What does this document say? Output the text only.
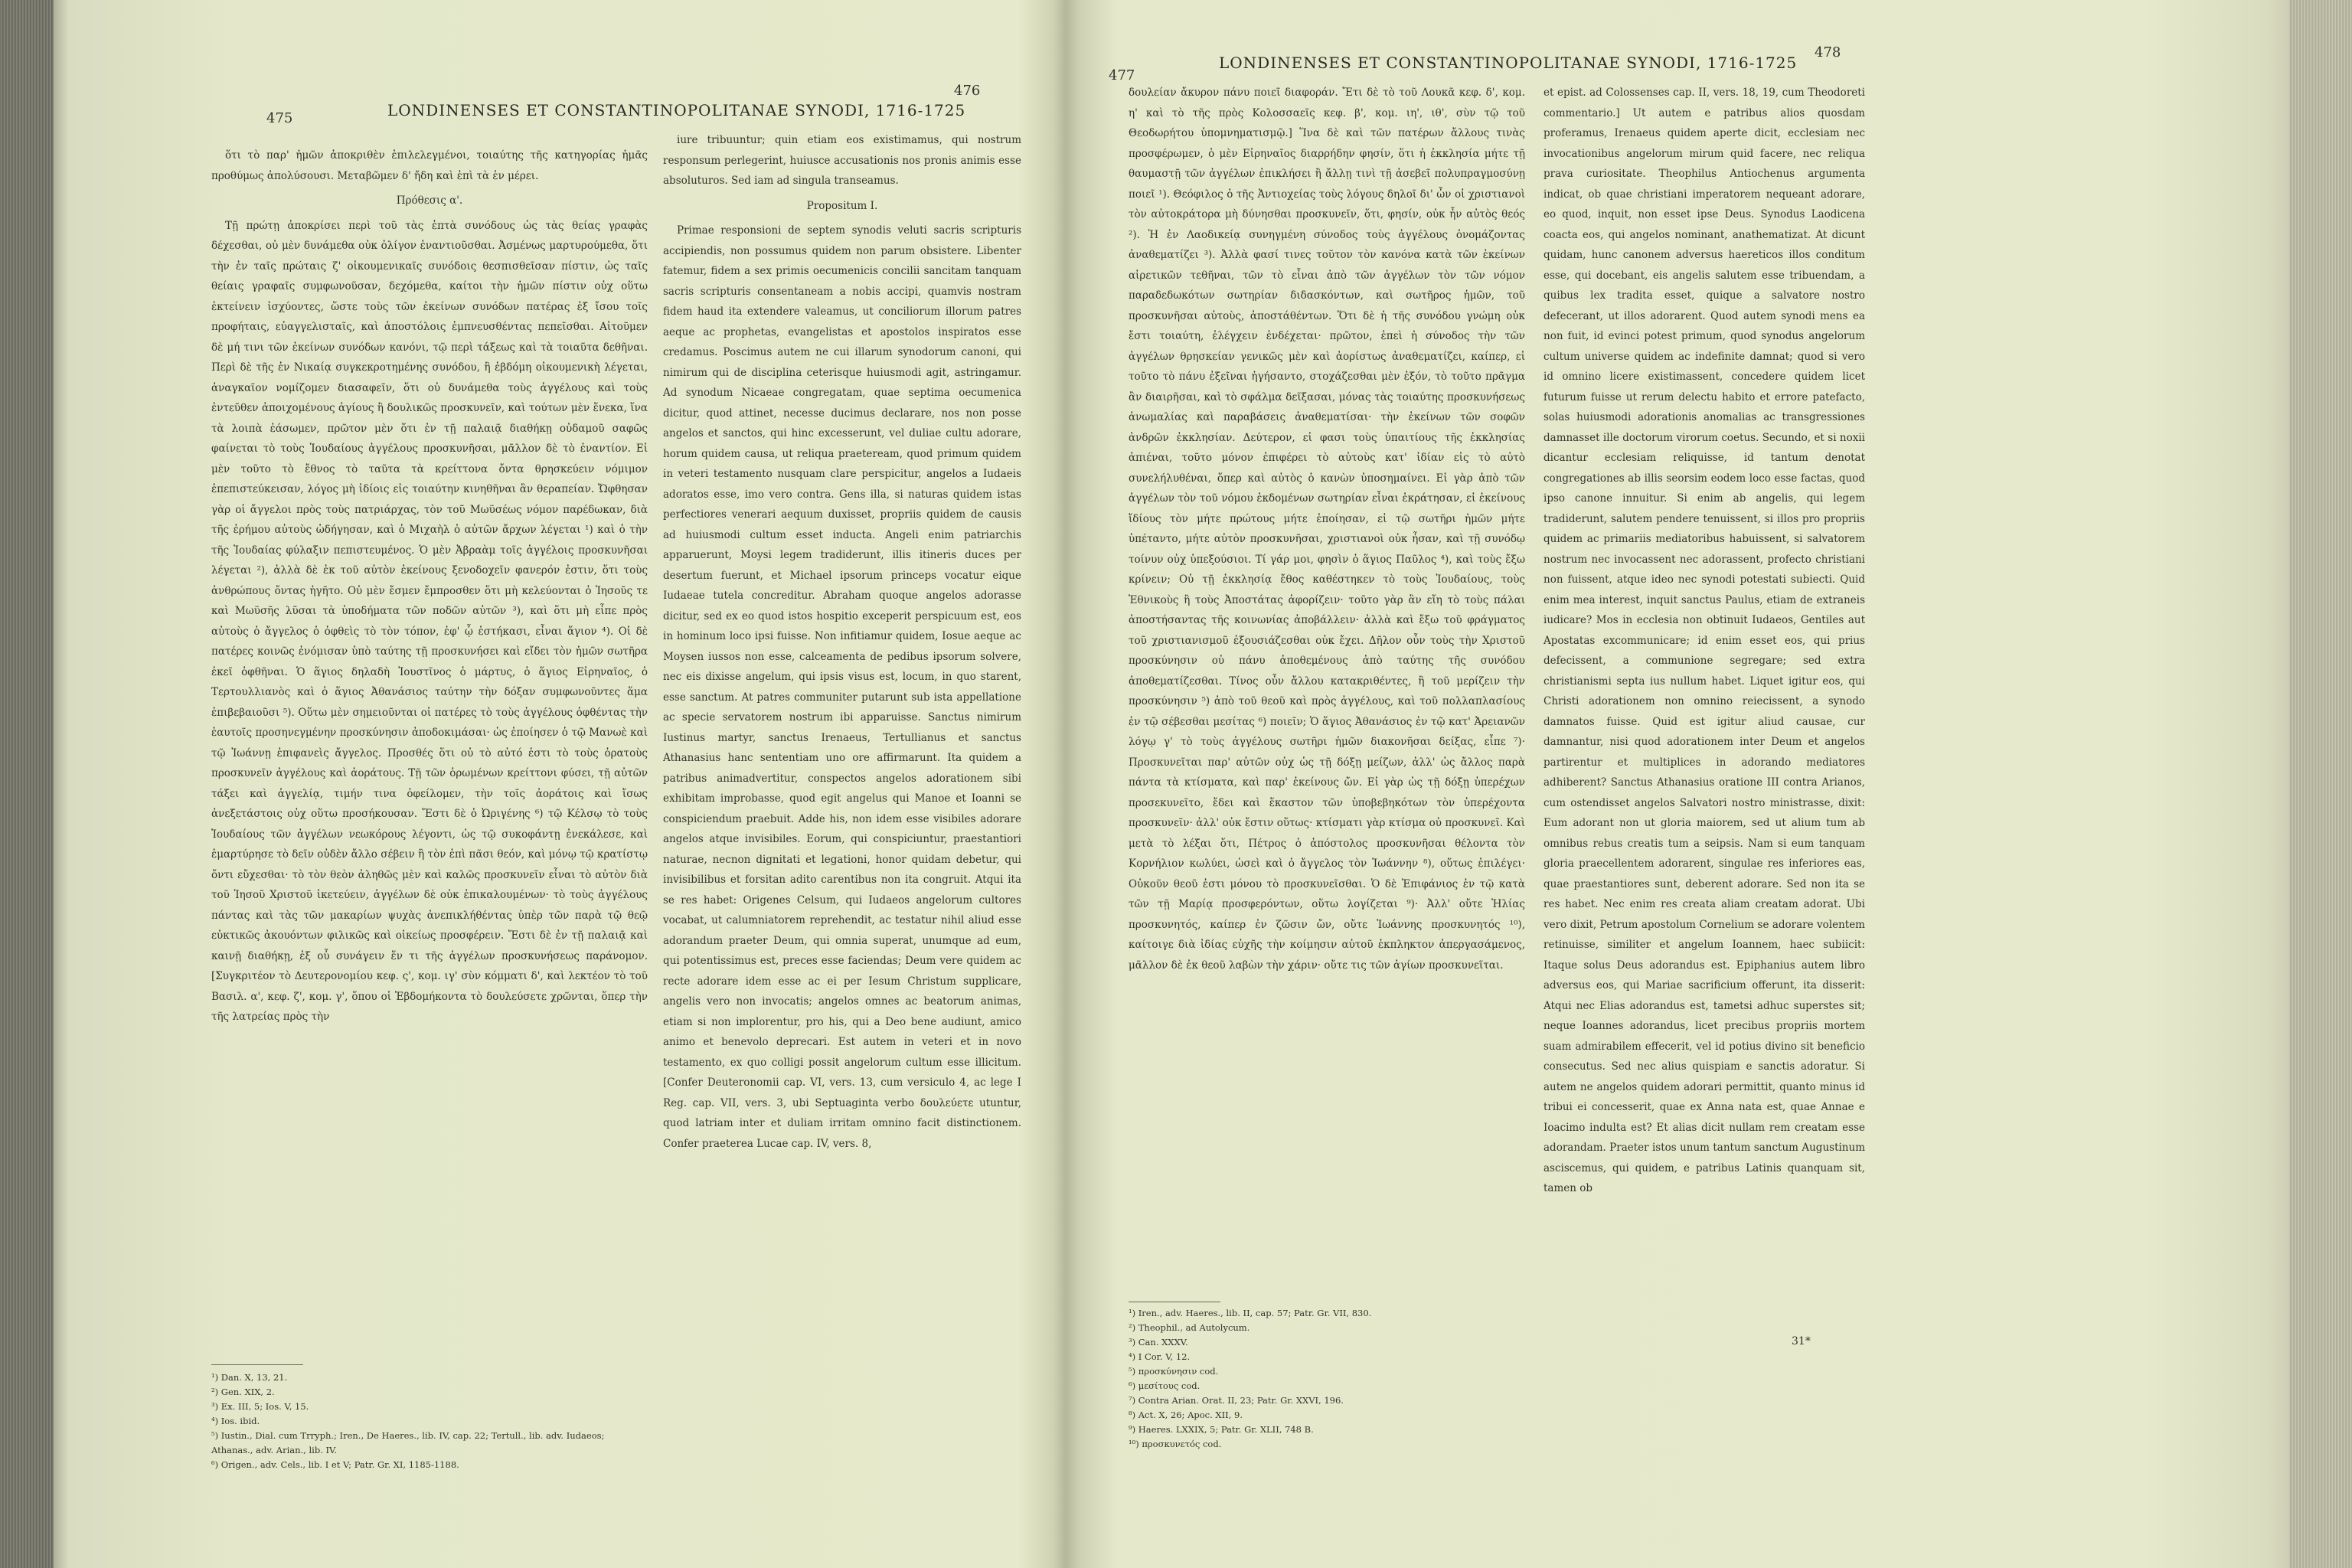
475	LONDINENSES ET CONSTANTINOPOLITANAE SYNODI, 1716-1725
476

ὅτι τὸ παρ' ἡμῶν ἀποκριθὲν ἐπιλελεγμένοι, τοιαύτης τῆς κατηγορίας ἡμᾶς προθύμως ἀπολύσουσι. Μεταβῶμεν δ' ἤδη καὶ ἐπὶ τὰ ἐν μέρει.

Πρόθεσις α'.

Τῇ πρώτῃ ἀποκρίσει περὶ τοῦ τὰς ἑπτὰ συνόδους ὡς τὰς θείας γραφὰς δέχεσθαι, οὐ μὲν δυνάμεθα οὐκ ὀλίγον ἐναντιοῦσθαι. Ἀσμένως μαρτυρούμεθα, ὅτι τὴν ἐν ταῖς πρώταις ζ' οἰκουμενικαῖς συνόδοις θεσπισθεῖσαν πίστιν, ὡς ταῖς θείαις γραφαῖς συμφωνοῦσαν, δεχόμεθα, καίτοι τὴν ἡμῶν πίστιν οὐχ οὕτω ἐκτείνειν ἰσχύοντες, ὥστε τοὺς τῶν ἐκείνων συνόδων πατέρας ἐξ ἴσου τοῖς προφήταις, εὐαγγελισταῖς, καὶ ἀποστόλοις ἐμπνευσθέντας πεπεῖσθαι. Αἰτοῦμεν δὲ μή τινι τῶν ἐκείνων συνόδων κανόνι, τῷ περὶ τάξεως καὶ τὰ τοιαῦτα δεθῆναι. Περὶ δὲ τῆς ἐν Νικαίᾳ συγκεκροτημένης συνόδου, ἣ ἑβδόμη οἰκουμενικὴ λέγεται, ἀναγκαῖον νομίζομεν διασαφεῖν, ὅτι οὐ δυνάμεθα τοὺς ἀγγέλους καὶ τοὺς ἐντεῦθεν ἀποιχομένους ἁγίους ἢ δουλικῶς προσκυνεῖν, καὶ τούτων μὲν ἕνεκα, ἵνα τὰ λοιπὰ ἐάσωμεν, πρῶτον μὲν ὅτι ἐν τῇ παλαιᾷ διαθήκῃ οὐδαμοῦ σαφῶς φαίνεται τὸ τοὺς Ἰουδαίους ἀγγέλους προσκυνῆσαι, μᾶλλον δὲ τὸ ἐναντίον. Εἰ μὲν τοῦτο τὸ ἔθνος τὸ ταῦτα τὰ κρείττονα ὄντα θρησκεύειν νόμιμον ἐπεπιστεύκεισαν, λόγος μὴ ἰδίοις εἰς τοιαύτην κινηθῆναι ἂν θεραπείαν. Ὤφθησαν γὰρ οἱ ἄγγελοι πρὸς τοὺς πατριάρχας, τὸν τοῦ Μωϋσέως νόμον παρέδωκαν, διὰ τῆς ἐρήμου αὐτοὺς ὡδήγησαν, καὶ ὁ Μιχαὴλ ὁ αὐτῶν ἄρχων λέγεται ¹) καὶ ὁ τὴν τῆς Ἰουδαίας φύλαξιν πεπιστευμένος. Ὁ μὲν Ἀβραὰμ τοῖς ἀγγέλοις προσκυνῆσαι λέγεται ²), ἀλλὰ δὲ ἐκ τοῦ αὐτὸν ἐκείνους ξενοδοχεῖν φανερόν ἐστιν, ὅτι τοὺς ἀνθρώπους ὄντας ἡγῆτο. Οὐ μὲν ἔσμεν ἔμπροσθεν ὅτι μὴ κελεύονται ὁ Ἰησοῦς τε καὶ Μωϋσῆς λῦσαι τὰ ὑποδήματα τῶν ποδῶν αὐτῶν ³), καὶ ὅτι μὴ εἶπε πρὸς αὐτοὺς ὁ ἄγγελος ὁ ὀφθεὶς τὸ τὸν τόπον, ἐφ' ᾧ ἑστήκασι, εἶναι ἅγιον ⁴). Οἱ δὲ πατέρες κοινῶς ἐνόμισαν ὑπὸ ταύτης τῇ προσκυνήσει καὶ εἴδει τὸν ἡμῶν σωτῆρα ἐκεῖ ὀφθῆναι. Ὁ ἅγιος δηλαδὴ Ἰουστῖνος ὁ μάρτυς, ὁ ἅγιος Εἰρηναῖος, ὁ Τερτουλλιανὸς καὶ ὁ ἅγιος Ἀθανάσιος ταύτην τὴν δόξαν συμφωνοῦντες ἅμα ἐπιβεβαιοῦσι ⁵). Οὕτω μὲν σημειοῦνται οἱ πατέρες τὸ τοὺς ἀγγέλους ὀφθέντας τὴν ἑαυτοῖς προσηνεγμένην προσκύνησιν ἀποδοκιμάσαι· ὡς ἐποίησεν ὁ τῷ Μανωὲ καὶ τῷ Ἰωάννῃ ἐπιφανεὶς ἄγγελος. Προσθές ὅτι οὐ τὸ αὐτό ἐστι τὸ τοὺς ὁρατοὺς προσκυνεῖν ἀγγέλους καὶ ἀοράτους. Τῇ τῶν ὁρωμένων κρείττονι φύσει, τῇ αὐτῶν τάξει καὶ ἀγγελίᾳ, τιμήν τινα ὀφείλομεν, τὴν τοῖς ἀοράτοις καὶ ἴσως ἀνεξετάστοις οὐχ οὕτω προσήκουσαν. Ἔστι δὲ ὁ Ὠριγένης ⁶) τῷ Κέλσῳ τὸ τοὺς Ἰουδαίους τῶν ἀγγέλων νεωκόρους λέγοντι, ὡς τῷ συκοφάντῃ ἐνεκάλεσε, καὶ ἐμαρτύρησε τὸ δεῖν οὐδὲν ἄλλο σέβειν ἢ τὸν ἐπὶ πᾶσι θεόν, καὶ μόνῳ τῷ κρατίστῳ ὄντι εὔχεσθαι· τὸ τὸν θεὸν ἀληθῶς μὲν καὶ καλῶς προσκυνεῖν εἶναι τὸ αὐτὸν διὰ τοῦ Ἰησοῦ Χριστοῦ ἱκετεύειν, ἀγγέλων δὲ οὐκ ἐπικαλουμένων· τὸ τοὺς ἀγγέλους πάντας καὶ τὰς τῶν μακαρίων ψυχὰς ἀνεπικλήθέντας ὑπὲρ τῶν παρὰ τῷ θεῷ εὐκτικῶς ἀκουόντων φιλικῶς καὶ οἰκείως προσφέρειν. Ἔστι δὲ ἐν τῇ παλαιᾷ καὶ καινῇ διαθήκῃ, ἐξ οὗ συνάγειν ἕν τι τῆς ἀγγέλων προσκυνήσεως παράνομον. [Συγκριτέον τὸ Δευτερονομίου κεφ. ς', κομ. ιγ' σὺν κόμματι δ', καὶ λεκτέον τὸ τοῦ Βασιλ. α', κεφ. ζ', κομ. γ', ὅπου οἱ Ἑβδομήκοντα τὸ δουλεύσετε χρῶνται, ὅπερ τὴν τῆς λατρείας πρὸς τὴν

iure tribuuntur; quin etiam eos existimamus, qui nostrum responsum perlegerint, huiusce accusationis nos pronis animis esse absoluturos. Sed iam ad singula transeamus.

Propositum I.

Primae responsioni de septem synodis veluti sacris scripturis accipiendis, non possumus quidem non parum obsistere. Libenter fatemur, fidem a sex primis oecumenicis concilii sancitam tanquam sacris scripturis consentaneam a nobis accipi, quamvis nostram fidem haud ita extendere valeamus, ut conciliorum illorum patres aeque ac prophetas, evangelistas et apostolos inspiratos esse credamus. Poscimus autem ne cui illarum synodorum canoni, qui nimirum qui de disciplina ceterisque huiusmodi agit, astringamur. Ad synodum Nicaeae congregatam, quae septima oecumenica dicitur, quod attinet, necesse ducimus declarare, nos non posse angelos et sanctos, qui hinc excesserunt, vel duliae cultu adorare, horum quidem causa, ut reliqua praeteream, quod primum quidem in veteri testamento nusquam clare perspicitur, angelos a Iudaeis adoratos esse, imo vero contra. Gens illa, si naturas quidem istas perfectiores venerari aequum duxisset, propriis quidem de causis ad huiusmodi cultum esset inducta. Angeli enim patriarchis apparuerunt, Moysi legem tradiderunt, illis itineris duces per desertum fuerunt, et Michael ipsorum princeps vocatur eique Iudaeae tutela concreditur. Abraham quoque angelos adorasse dicitur, sed ex eo quod istos hospitio exceperit perspicuum est, eos in hominum loco ipsi fuisse. Non infitiamur quidem, Iosue aeque ac Moysen iussos non esse, calceamenta de pedibus ipsorum solvere, nec eis dixisse angelum, qui ipsis visus est, locum, in quo starent, esse sanctum. At patres communiter putarunt sub ista appellatione ac specie servatorem nostrum ibi apparuisse. Sanctus nimirum Iustinus martyr, sanctus Irenaeus, Tertullianus et sanctus Athanasius hanc sententiam uno ore affirmarunt. Ita quidem a patribus animadvertitur, conspectos angelos adorationem sibi exhibitam improbasse, quod egit angelus qui Manoe et Ioanni se conspiciendum praebuit. Adde his, non idem esse visibiles adorare angelos atque invisibiles. Eorum, qui conspiciuntur, praestantiori naturae, necnon dignitati et legationi, honor quidam debetur, qui invisibilibus et forsitan adito carentibus non ita congruit. Atqui ita se res habet: Origenes Celsum, qui Iudaeos angelorum cultores vocabat, ut calumniatorem reprehendit, ac testatur nihil aliud esse adorandum praeter Deum, qui omnia superat, unumque ad eum, qui potentissimus est, preces esse faciendas; Deum vere quidem ac recte adorare idem esse ac ei per Iesum Christum supplicare, angelis vero non invocatis; angelos omnes ac beatorum animas, etiam si non implorentur, pro his, qui a Deo bene audiunt, amico animo et benevolo deprecari. Est autem in veteri et in novo testamento, ex quo colligi possit angelorum cultum esse illicitum. [Confer Deuteronomii cap. VI, vers. 13, cum versiculo 4, ac lege I Reg. cap. VII, vers. 3, ubi Septuaginta verbo δουλεύετε utuntur, quod latriam inter et duliam irritam omnino facit distinctionem. Confer praeterea Lucae cap. IV, vers. 8,

¹) Dan. X, 13, 21.
²) Gen. XIX, 2.
³) Ex. III, 5; Ios. V, 15.
⁴) Ios. ibid.
⁵) Iustin., Dial. cum Trryph.; Iren., De Haeres., lib. IV, cap. 22; Tertull., lib. adv. Iudaeos; Athanas., adv. Arian., lib. IV.
⁶) Origen., adv. Cels., lib. I et V; Patr. Gr. XI, 1185-1188.
477
LONDINENSES ET CONSTANTINOPOLITANAE SYNODI, 1716-1725
478

δουλείαν ἄκυρον πάνυ ποιεῖ διαφοράν. Ἔτι δὲ τὸ τοῦ Λουκᾶ κεφ. δ', κομ. η' καὶ τὸ τῆς πρὸς Κολοσσαεῖς κεφ. β', κομ. ιη', ιθ', σὺν τῷ τοῦ Θεοδωρήτου ὑπομνηματισμῷ.] Ἵνα δὲ καὶ τῶν πατέρων ἄλλους τινὰς προσφέρωμεν, ὁ μὲν Εἰρηναῖος διαρρήδην φησίν, ὅτι ἡ ἐκκλησία μήτε τῇ θαυμαστῇ τῶν ἀγγέλων ἐπικλήσει ἢ ἄλλῃ τινὶ τῇ ἀσεβεῖ πολυπραγμοσύνῃ ποιεῖ ¹). Θεόφιλος ὁ τῆς Ἀντιοχείας τοὺς λόγους δηλοῖ δι' ὧν οἱ χριστιανοὶ τὸν αὐτοκράτορα μὴ δύνησθαι προσκυνεῖν, ὅτι, φησίν, οὐκ ἦν αὐτὸς θεός ²). Ἡ ἐν Λαοδικείᾳ συνηγμένη σύνοδος τοὺς ἀγγέλους ὀνομάζοντας ἀναθεματίζει ³). Ἀλλὰ φασί τινες τοῦτον τὸν κανόνα κατὰ τῶν ἐκείνων αἱρετικῶν τεθῆναι, τῶν τὸ εἶναι ἀπὸ τῶν ἀγγέλων τὸν τῶν νόμον παραδεδωκότων σωτηρίαν διδασκόντων, καὶ σωτῆρος ἡμῶν, τοῦ προσκυνῆσαι αὐτοὺς, ἀποστάθέντων. Ὅτι δὲ ἡ τῆς συνόδου γνώμη οὐκ ἔστι τοιαύτη, ἐλέγχειν ἐνδέχεται· πρῶτον, ἐπεὶ ἡ σύνοδος τὴν τῶν ἀγγέλων θρησκείαν γενικῶς μὲν καὶ ἀορίστως ἀναθεματίζει, καίπερ, εἰ τοῦτο τὸ πάνυ ἐξεῖναι ἡγήσαντο, στοχάζεσθαι μὲν ἐξόν, τὸ τοῦτο πρᾶγμα ἂν διαιρῆσαι, καὶ τὸ σφάλμα δεῖξασαι, μόνας τὰς τοιαύτης προσκυνήσεως ἀνωμαλίας καὶ παραβάσεις ἀναθεματίσαι· τὴν ἐκείνων τῶν σοφῶν ἀνδρῶν ἐκκλησίαν. Δεύτερον, εἰ φασι τοὺς ὑπαιτίους τῆς ἐκκλησίας ἀπιέναι, τοῦτο μόνον ἐπιφέρει τὸ αὐτοὺς κατ' ἰδίαν εἰς τὸ αὐτὸ συνελήλυθέναι, ὅπερ καὶ αὐτὸς ὁ κανὼν ὑποσημαίνει. Εἰ γὰρ ἀπὸ τῶν ἀγγέλων τὸν τοῦ νόμου ἐκδομένων σωτηρίαν εἶναι ἐκράτησαν, εἰ ἐκείνους ἴδίους τὸν μήτε πρώτους μήτε ἐποίησαν, εἰ τῷ σωτῆρι ἡμῶν μήτε ὑπέταντο, μήτε αὐτὸν προσκυνῆσαι, χριστιανοὶ οὐκ ἦσαν, καὶ τῇ συνόδῳ τοίνυν οὐχ ὑπεξούσιοι. Τί γάρ μοι, φησὶν ὁ ἅγιος Παῦλος ⁴), καὶ τοὺς ἔξω κρίνειν; Οὐ τῇ ἐκκλησίᾳ ἔθος καθέστηκεν τὸ τοὺς Ἰουδαίους, τοὺς Ἐθνικοὺς ἢ τοὺς Ἀποστάτας ἀφορίζειν· τοῦτο γὰρ ἂν εἴη τὸ τοὺς πάλαι ἀποστήσαντας τῆς κοινωνίας ἀποβάλλειν· ἀλλὰ καὶ ἔξω τοῦ φράγματος τοῦ χριστιανισμοῦ ἐξουσιάζεσθαι οὐκ ἔχει. Δῆλον οὖν τοὺς τὴν Χριστοῦ προσκύνησιν οὐ πάνυ ἀποθεμένους ἀπὸ ταύτης τῆς συνόδου ἀποθεματίζεσθαι. Τίνος οὖν ἄλλου κατακριθέντες, ἢ τοῦ μερίζειν τὴν προσκύνησιν ⁵) ἀπὸ τοῦ θεοῦ καὶ πρὸς ἀγγέλους, καὶ τοῦ πολλαπλασίους ἐν τῷ σέβεσθαι μεσίτας ⁶) ποιεῖν; Ὁ ἅγιος Ἀθανάσιος ἐν τῷ κατ' Ἀρειανῶν λόγῳ γ' τὸ τοὺς ἀγγέλους σωτῆρι ἡμῶν διακονῆσαι δείξας, εἶπε ⁷)· Προσκυνεῖται παρ' αὐτῶν οὐχ ὡς τῇ δόξῃ μείζων, ἀλλ' ὡς ἄλλος παρὰ πάντα τὰ κτίσματα, καὶ παρ' ἐκείνους ὤν. Εἰ γὰρ ὡς τῇ δόξῃ ὑπερέχων προσεκυνεῖτο, ἔδει καὶ ἕκαστον τῶν ὑποβεβηκότων τὸν ὑπερέχοντα προσκυνεῖν· ἀλλ' οὐκ ἔστιν οὕτως· κτίσματι γὰρ κτίσμα οὐ προσκυνεῖ. Καὶ μετὰ τὸ λέξαι ὅτι, Πέτρος ὁ ἀπόστολος προσκυνῆσαι θέλοντα τὸν Κορνήλιον κωλύει, ὡσεὶ καὶ ὁ ἄγγελος τὸν Ἰωάννην ⁸), οὕτως ἐπιλέγει· Οὐκοῦν θεοῦ ἐστι μόνου τὸ προσκυνεῖσθαι. Ὁ δὲ Ἐπιφάνιος ἐν τῷ κατὰ τῶν τῇ Μαρίᾳ προσφερόντων, οὕτω λογίζεται ⁹)· Ἀλλ' οὔτε Ἠλίας προσκυνητός, καίπερ ἐν ζῶσιν ὤν, οὔτε Ἰωάννης προσκυνητός ¹⁰), καίτοιγε διὰ ἰδίας εὐχῆς τὴν κοίμησιν αὐτοῦ ἐκπληκτον ἀπεργασάμενος, μᾶλλον δὲ ἐκ θεοῦ λαβὼν τὴν χάριν· οὔτε τις τῶν ἁγίων προσκυνεῖται.

et epist. ad Colossenses cap. II, vers. 18, 19, cum Theodoreti commentario.] Ut autem e patribus alios quosdam proferamus, Irenaeus quidem aperte dicit, ecclesiam nec invocationibus angelorum mirum quid facere, nec reliqua prava curiositate. Theophilus Antiochenus argumenta indicat, ob quae christiani imperatorem nequeant adorare, eo quod, inquit, non esset ipse Deus. Synodus Laodicena coacta eos, qui angelos nominant, anathematizat. At dicunt quidam, hunc canonem adversus haereticos illos conditum esse, qui docebant, eis angelis salutem esse tribuendam, a quibus lex tradita esset, quique a salvatore nostro defecerant, ut illos adorarent. Quod autem synodi mens ea non fuit, id evinci potest primum, quod synodus angelorum cultum universe quidem ac indefinite damnat; quod si vero id omnino licere existimassent, concedere quidem licet futurum fuisse ut rerum delectu habito et errore patefacto, solas huiusmodi adorationis anomalias ac transgressiones damnasset ille doctorum virorum coetus. Secundo, et si noxii dicantur ecclesiam reliquisse, id tantum denotat congregationes ab illis seorsim eodem loco esse factas, quod ipso canone innuitur. Si enim ab angelis, qui legem tradiderunt, salutem pendere tenuissent, si illos pro propriis quidem ac primariis mediatoribus habuissent, si salvatorem nostrum nec invocassent nec adorassent, profecto christiani non fuissent, atque ideo nec synodi potestati subiecti. Quid enim mea interest, inquit sanctus Paulus, etiam de extraneis iudicare? Mos in ecclesia non obtinuit Iudaeos, Gentiles aut Apostatas excommunicare; id enim esset eos, qui prius defecissent, a communione segregare; sed extra christianismi septa ius nullum habet. Liquet igitur eos, qui Christi adorationem non omnino reiecissent, a synodo damnatos fuisse. Quid est igitur aliud causae, cur damnantur, nisi quod adorationem inter Deum et angelos partirentur et multiplices in adorando mediatores adhiberent? Sanctus Athanasius oratione III contra Arianos, cum ostendisset angelos Salvatori nostro ministrasse, dixit: Eum adorant non ut gloria maiorem, sed ut alium tum ab omnibus rebus creatis tum a seipsis. Nam si eum tanquam gloria praecellentem adorarent, singulae res inferiores eas, quae praestantiores sunt, deberent adorare. Sed non ita se res habet. Nec enim res creata aliam creatam adorat. Ubi vero dixit, Petrum apostolum Cornelium se adorare volentem retinuisse, similiter et angelum Ioannem, haec subiicit: Itaque solus Deus adorandus est. Epiphanius autem libro adversus eos, qui Mariae sacrificium offerunt, ita disserit: Atqui nec Elias adorandus est, tametsi adhuc superstes sit; neque Ioannes adorandus, licet precibus propriis mortem suam admirabilem effecerit, vel id potius divino sit beneficio consecutus. Sed nec alius quispiam e sanctis adoratur. Si autem ne angelos quidem adorari permittit, quanto minus id tribui ei concesserit, quae ex Anna nata est, quae Annae e Ioacimo indulta est? Et alias dicit nullam rem creatam esse adorandam. Praeter istos unum tantum sanctum Augustinum asciscemus, qui quidem, e patribus Latinis quanquam sit, tamen ob

¹) Iren., adv. Haeres., lib. II, cap. 57; Patr. Gr. VII, 830.
²) Theophil., ad Autolycum.
³) Can. XXXV.
⁴) I Cor. V, 12.
⁵) προσκύνησιν cod.
⁶) μεσίτους cod.
⁷) Contra Arian. Orat. II, 23; Patr. Gr. XXVI, 196.
⁸) Act. X, 26; Apoc. XII, 9.
⁹) Haeres. LXXIX, 5; Patr. Gr. XLII, 748 B.
¹⁰) προσκυνετός cod.
31*
